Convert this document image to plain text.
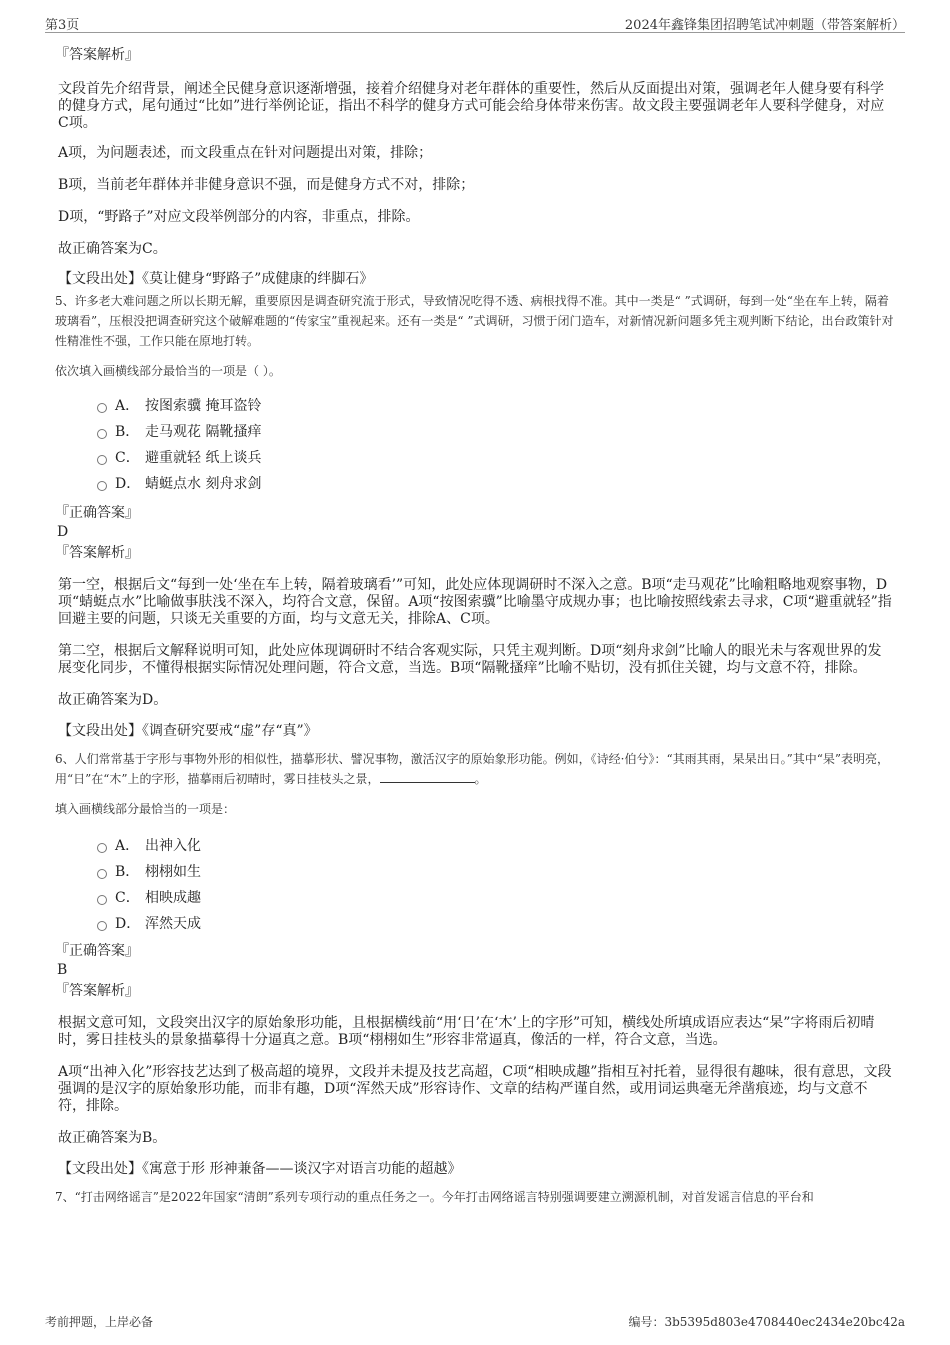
第3页	2024年鑫锋集团招聘笔试冲刺题（带答案解析）

『答案解析』

文段首先介绍背景，阐述全民健身意识逐渐增强，接着介绍健身对老年群体的重要性，然后从反面提出对策，强调老年人健身要有科学的健身方式，尾句通过“比如”进行举例论证，指出不科学的健身方式可能会给身体带来伤害。故文段主要强调老年人要科学健身，对应C项。

A项，为问题表述，而文段重点在针对问题提出对策，排除；

B项，当前老年群体并非健身意识不强，而是健身方式不对，排除；

D项，“野路子”对应文段举例部分的内容，非重点，排除。

故正确答案为C。

【文段出处】《莫让健身“野路子”成健康的绊脚石》

5、许多老大难问题之所以长期无解，重要原因是调查研究流于形式，导致情况吃得不透、病根找得不准。其中一类是“ ”式调研，每到一处“坐在车上转，隔着玻璃看”，压根没把调查研究这个破解难题的“传家宝”重视起来。还有一类是“ ”式调研，习惯于闭门造车，对新情况新问题多凭主观判断下结论，出台政策针对性精准性不强，工作只能在原地打转。

依次填入画横线部分最恰当的一项是（ ）。

A． 按图索骥 掩耳盗铃
B． 走马观花 隔靴搔痒
C． 避重就轻 纸上谈兵
D． 蜻蜓点水 刻舟求剑

『正确答案』

D

『答案解析』

第一空，根据后文“每到一处‘坐在车上转，隔着玻璃看’”可知，此处应体现调研时不深入之意。B项“走马观花”比喻粗略地观察事物，D项“蜻蜓点水”比喻做事肤浅不深入，均符合文意，保留。A项“按图索骥”比喻墨守成规办事；也比喻按照线索去寻求，C项“避重就轻”指回避主要的问题，只谈无关重要的方面，均与文意无关，排除A、C项。

第二空，根据后文解释说明可知，此处应体现调研时不结合客观实际，只凭主观判断。D项“刻舟求剑”比喻人的眼光未与客观世界的发展变化同步，不懂得根据实际情况处理问题，符合文意，当选。B项“隔靴搔痒”比喻不贴切，没有抓住关键，均与文意不符，排除。

故正确答案为D。

【文段出处】《调查研究要戒“虚”存“真”》

6、人们常常基于字形与事物外形的相似性，描摹形状、譬况事物，激活汉字的原始象形功能。例如，《诗经·伯兮》：“其雨其雨，杲杲出日。”其中“杲”表明亮，用“日”在“木”上的字形，描摹雨后初晴时，雾日挂枝头之景，	。

填入画横线部分最恰当的一项是：

A． 出神入化
B． 栩栩如生
C． 相映成趣
D． 浑然天成

『正确答案』

B

『答案解析』

根据文意可知，文段突出汉字的原始象形功能，且根据横线前“用‘日’在‘木’上的字形”可知，横线处所填成语应表达“杲”字将雨后初晴时，雾日挂枝头的景象描摹得十分逼真之意。B项“栩栩如生”形容非常逼真，像活的一样，符合文意，当选。

A项“出神入化”形容技艺达到了极高超的境界，文段并未提及技艺高超，C项“相映成趣”指相互衬托着，显得很有趣味，很有意思，文段强调的是汉字的原始象形功能，而非有趣，D项“浑然天成”形容诗作、文章的结构严谨自然，或用词运典毫无斧凿痕迹，均与文意不符，排除。

故正确答案为B。

【文段出处】《寓意于形 形神兼备——谈汉字对语言功能的超越》

7、“打击网络谣言”是2022年国家“清朗”系列专项行动的重点任务之一。今年打击网络谣言特别强调要建立溯源机制，对首发谣言信息的平台和

考前押题，上岸必备	编号：3b5395d803e4708440ec2434e20bc42a
